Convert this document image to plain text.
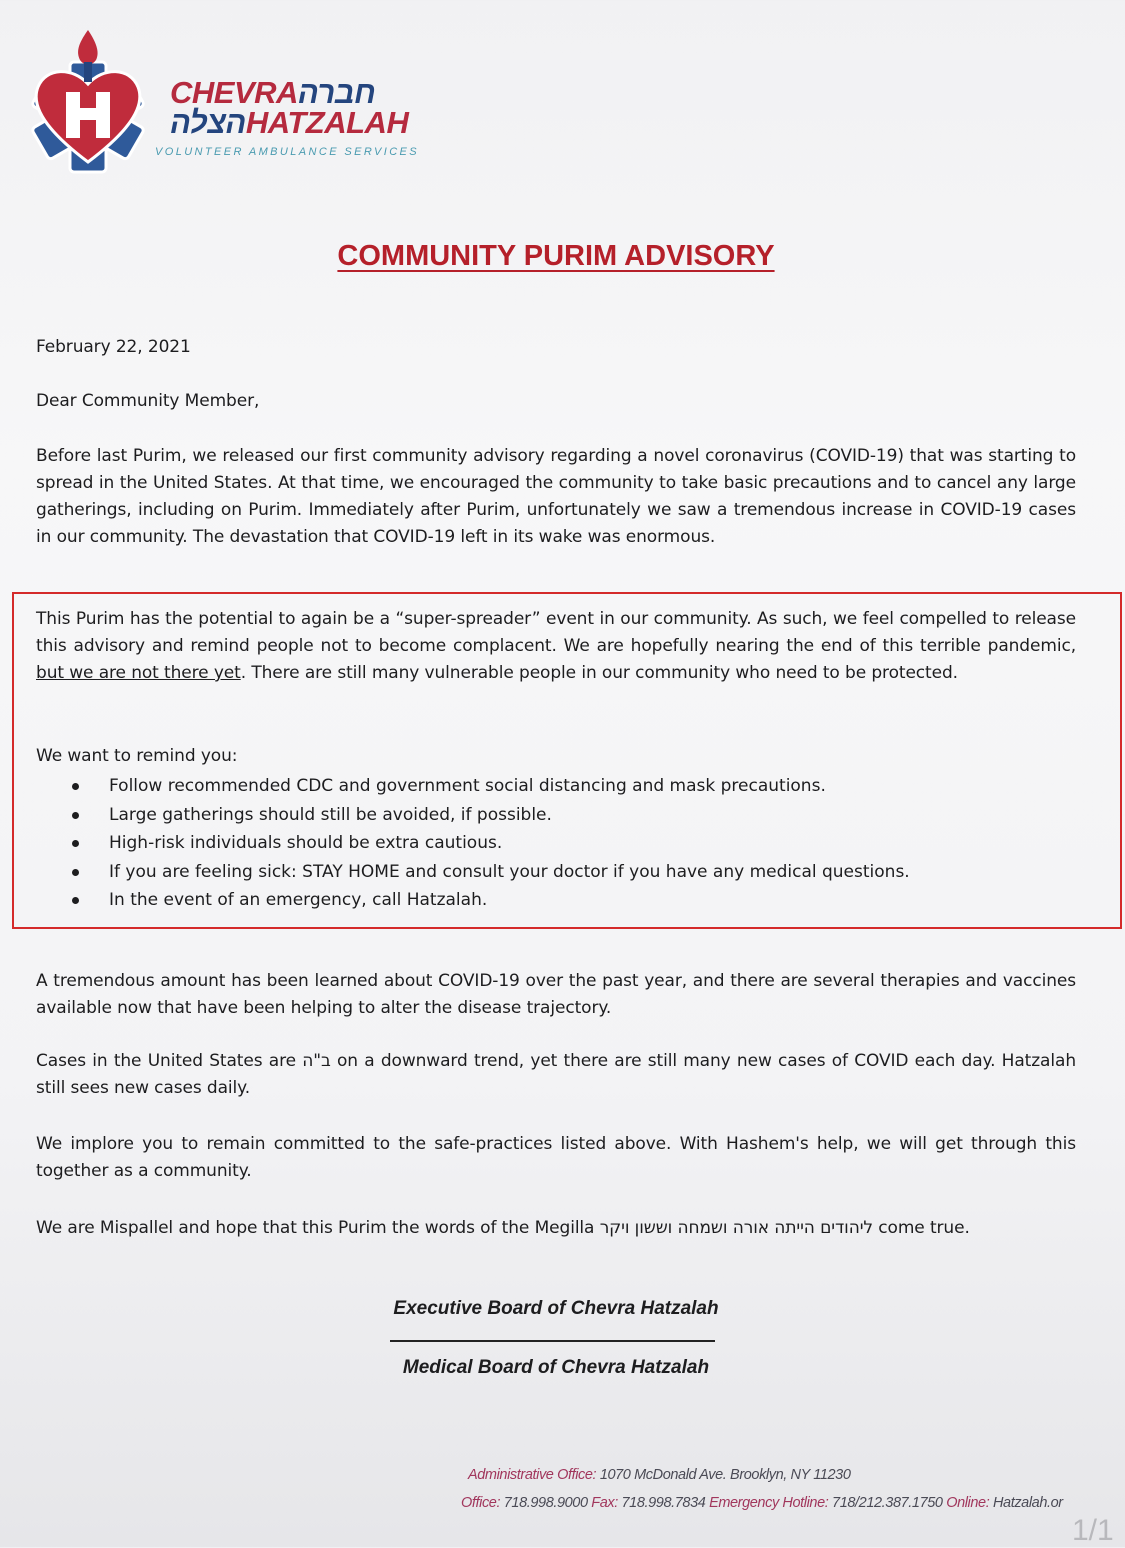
CHEVRAחברה
הצלהHATZALAH
VOLUNTEER AMBULANCE SERVICES
COMMUNITY PURIM ADVISORY
February 22, 2021
Dear Community Member,
Before last Purim, we released our first community advisory regarding a novel coronavirus (COVID-19) that was starting to spread in the United States. At that time, we encouraged the community to take basic precautions and to cancel any large gatherings, including on Purim. Immediately after Purim, unfortunately we saw a tremendous increase in COVID-19 cases in our community. The devastation that COVID-19 left in its wake was enormous.
This Purim has the potential to again be a “super-spreader” event in our community. As such, we feel compelled to release this advisory and remind people not to become complacent. We are hopefully nearing the end of this terrible pandemic, but we are not there yet. There are still many vulnerable people in our community who need to be protected.
We want to remind you:
Follow recommended CDC and government social distancing and mask precautions.
Large gatherings should still be avoided, if possible.
High-risk individuals should be extra cautious.
If you are feeling sick: STAY HOME and consult your doctor if you have any medical questions.
In the event of an emergency, call Hatzalah.
A tremendous amount has been learned about COVID-19 over the past year, and there are several therapies and vaccines available now that have been helping to alter the disease trajectory.
Cases in the United States are ב"ה on a downward trend, yet there are still many new cases of COVID each day. Hatzalah still sees new cases daily.
We implore you to remain committed to the safe-practices listed above. With Hashem's help, we will get through this together as a community.
We are Mispallel and hope that this Purim the words of the Megilla ליהודים הייתה אורה ושמחה וששון ויקר come true.
Executive Board of Chevra Hatzalah
Medical Board of Chevra Hatzalah
Administrative Office: 1070 McDonald Ave. Brooklyn, NY 11230
Office: 718.998.9000 Fax: 718.998.7834 Emergency Hotline: 718/212.387.1750 Online: Hatzalah.or
1/1
